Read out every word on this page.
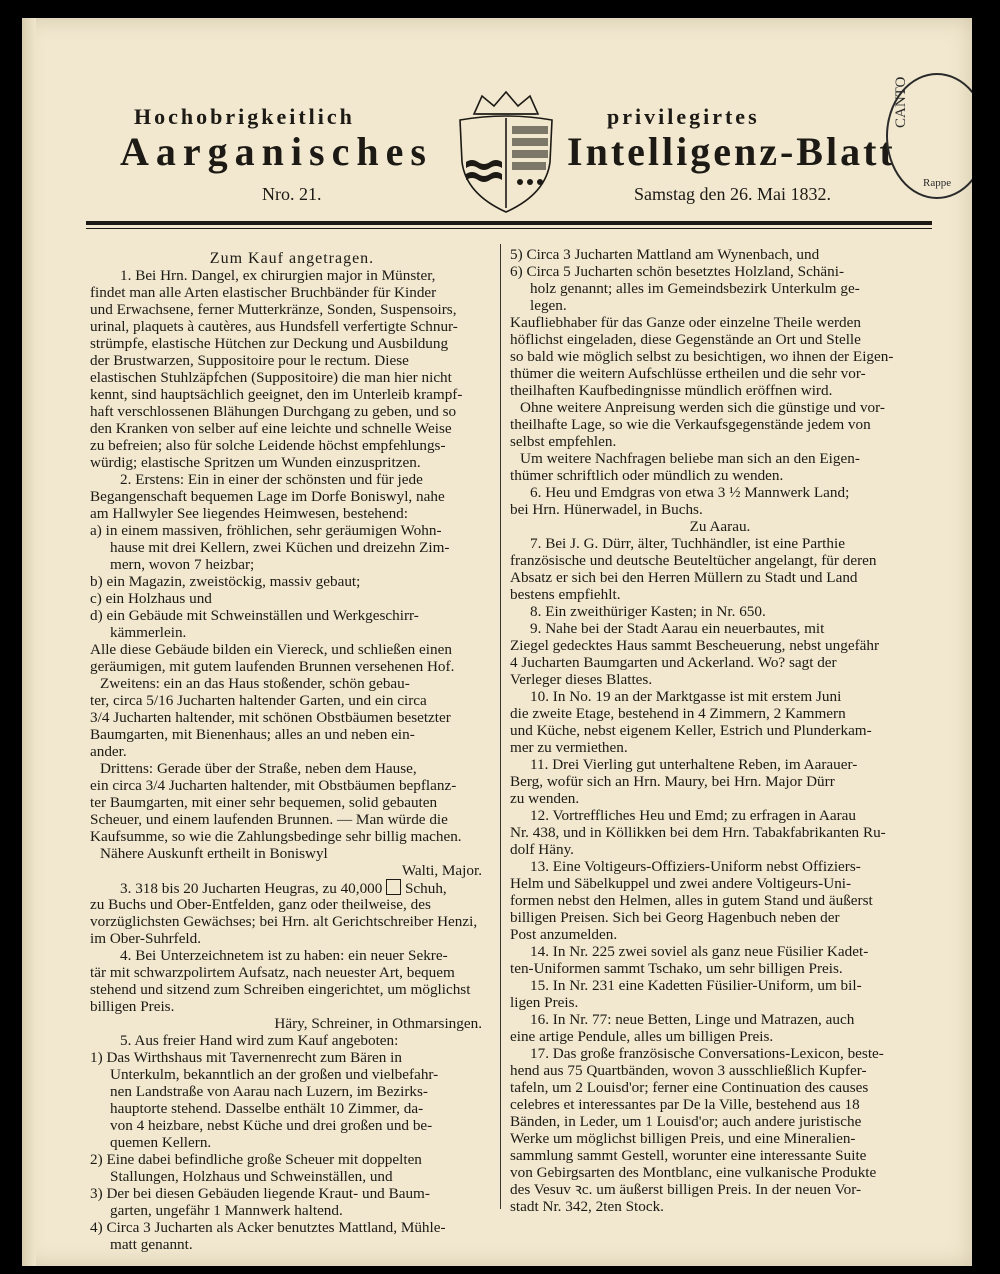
Hochobrigkeitlich	privilegirtes
Aarganisches	Intelligenz-Blatt
Nro. 21.	Samstag den 26. Mai 1832.
CANTO
Rappe
Zum Kauf angetragen.
1. Bei Hrn. Dangel, ex chirurgien major in Münster,
findet man alle Arten elastischer Bruchbänder für Kinder
und Erwachsene, ferner Mutterkränze, Sonden, Suspensoirs,
urinal, plaquets à cautères, aus Hundsfell verfertigte Schnur-
strümpfe, elastische Hütchen zur Deckung und Ausbildung
der Brustwarzen, Suppositoire pour le rectum. Diese
elastischen Stuhlzäpfchen (Suppositoire) die man hier nicht
kennt, sind hauptsächlich geeignet, den im Unterleib krampf-
haft verschlossenen Blähungen Durchgang zu geben, und so
den Kranken von selber auf eine leichte und schnelle Weise
zu befreien; also für solche Leidende höchst empfehlungs-
würdig; elastische Spritzen um Wunden einzuspritzen.
2. Erstens: Ein in einer der schönsten und für jede
Begangenschaft bequemen Lage im Dorfe Boniswyl, nahe
am Hallwyler See liegendes Heimwesen, bestehend:
a) in einem massiven, fröhlichen, sehr geräumigen Wohn-
hause mit drei Kellern, zwei Küchen und dreizehn Zim-
mern, wovon 7 heizbar;
b) ein Magazin, zweistöckig, massiv gebaut;
c) ein Holzhaus und
d) ein Gebäude mit Schweinställen und Werkgeschirr-
kämmerlein.
Alle diese Gebäude bilden ein Viereck, und schließen einen
geräumigen, mit gutem laufenden Brunnen versehenen Hof.
Zweitens: ein an das Haus stoßender, schön gebau-
ter, circa 5/16 Jucharten haltender Garten, und ein circa
3/4 Jucharten haltender, mit schönen Obstbäumen besetzter
Baumgarten, mit Bienenhaus; alles an und neben ein-
ander.
Drittens: Gerade über der Straße, neben dem Hause,
ein circa 3/4 Jucharten haltender, mit Obstbäumen bepflanz-
ter Baumgarten, mit einer sehr bequemen, solid gebauten
Scheuer, und einem laufenden Brunnen. — Man würde die
Kaufsumme, so wie die Zahlungsbedinge sehr billig machen.
Nähere Auskunft ertheilt in Boniswyl
Walti, Major.
3. 318 bis 20 Jucharten Heugras, zu 40,000 Schuh,
zu Buchs und Ober-Entfelden, ganz oder theilweise, des
vorzüglichsten Gewächses; bei Hrn. alt Gerichtschreiber Henzi,
im Ober-Suhrfeld.
4. Bei Unterzeichnetem ist zu haben: ein neuer Sekre-
tär mit schwarzpolirtem Aufsatz, nach neuester Art, bequem
stehend und sitzend zum Schreiben eingerichtet, um möglichst
billigen Preis.
Häry, Schreiner, in Othmarsingen.
5. Aus freier Hand wird zum Kauf angeboten:
1) Das Wirthshaus mit Tavernenrecht zum Bären in
Unterkulm, bekanntlich an der großen und vielbefahr-
nen Landstraße von Aarau nach Luzern, im Bezirks-
hauptorte stehend. Dasselbe enthält 10 Zimmer, da-
von 4 heizbare, nebst Küche und drei großen und be-
quemen Kellern.
2) Eine dabei befindliche große Scheuer mit doppelten
Stallungen, Holzhaus und Schweinställen, und
3) Der bei diesen Gebäuden liegende Kraut- und Baum-
garten, ungefähr 1 Mannwerk haltend.
4) Circa 3 Jucharten als Acker benutztes Mattland, Mühle-
matt genannt.
5) Circa 3 Jucharten Mattland am Wynenbach, und
6) Circa 5 Jucharten schön besetztes Holzland, Schäni-
holz genannt; alles im Gemeindsbezirk Unterkulm ge-
legen.
Kaufliebhaber für das Ganze oder einzelne Theile werden
höflichst eingeladen, diese Gegenstände an Ort und Stelle
so bald wie möglich selbst zu besichtigen, wo ihnen der Eigen-
thümer die weitern Aufschlüsse ertheilen und die sehr vor-
theilhaften Kaufbedingnisse mündlich eröffnen wird.
Ohne weitere Anpreisung werden sich die günstige und vor-
theilhafte Lage, so wie die Verkaufsgegenstände jedem von
selbst empfehlen.
Um weitere Nachfragen beliebe man sich an den Eigen-
thümer schriftlich oder mündlich zu wenden.
6. Heu und Emdgras von etwa 3 ½ Mannwerk Land;
bei Hrn. Hünerwadel, in Buchs.
Zu Aarau.
7. Bei J. G. Dürr, älter, Tuchhändler, ist eine Parthie
französische und deutsche Beuteltücher angelangt, für deren
Absatz er sich bei den Herren Müllern zu Stadt und Land
bestens empfiehlt.
8. Ein zweithüriger Kasten; in Nr. 650.
9. Nahe bei der Stadt Aarau ein neuerbautes, mit
Ziegel gedecktes Haus sammt Bescheuerung, nebst ungefähr
4 Jucharten Baumgarten und Ackerland. Wo? sagt der
Verleger dieses Blattes.
10. In No. 19 an der Marktgasse ist mit erstem Juni
die zweite Etage, bestehend in 4 Zimmern, 2 Kammern
und Küche, nebst eigenem Keller, Estrich und Plunderkam-
mer zu vermiethen.
11. Drei Vierling gut unterhaltene Reben, im Aarauer-
Berg, wofür sich an Hrn. Maury, bei Hrn. Major Dürr
zu wenden.
12. Vortreffliches Heu und Emd; zu erfragen in Aarau
Nr. 438, und in Köllikken bei dem Hrn. Tabakfabrikanten Ru-
dolf Häny.
13. Eine Voltigeurs-Offiziers-Uniform nebst Offiziers-
Helm und Säbelkuppel und zwei andere Voltigeurs-Uni-
formen nebst den Helmen, alles in gutem Stand und äußerst
billigen Preisen. Sich bei Georg Hagenbuch neben der
Post anzumelden.
14. In Nr. 225 zwei soviel als ganz neue Füsilier Kadet-
ten-Uniformen sammt Tschako, um sehr billigen Preis.
15. In Nr. 231 eine Kadetten Füsilier-Uniform, um bil-
ligen Preis.
16. In Nr. 77: neue Betten, Linge und Matrazen, auch
eine artige Pendule, alles um billigen Preis.
17. Das große französische Conversations-Lexicon, beste-
hend aus 75 Quartbänden, wovon 3 ausschließlich Kupfer-
tafeln, um 2 Louisd'or; ferner eine Continuation des causes
celebres et interessantes par De la Ville, bestehend aus 18
Bänden, in Leder, um 1 Louisd'or; auch andere juristische
Werke um möglichst billigen Preis, und eine Mineralien-
sammlung sammt Gestell, worunter eine interessante Suite
von Gebirgsarten des Montblanc, eine vulkanische Produkte
des Vesuv ꝛc. um äußerst billigen Preis. In der neuen Vor-
stadt Nr. 342, 2ten Stock.
